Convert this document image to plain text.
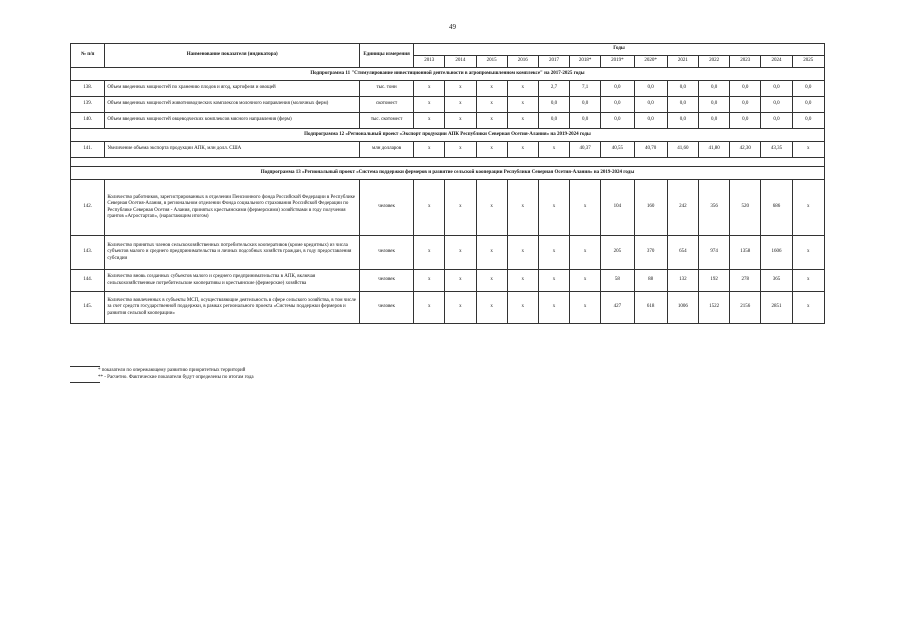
49
№ п/п	Наименование показателя (индикатора)	Единицы измерения	Годы												
			2013	2014	2015	2016	2017	2018*	2019*	2020*	2021	2022	2023	2024	2025
Подпрограмма 11 "Стимулирование инвестиционной деятельности в агропромышленном комплексе" на 2017-2025 годы															
138.	Объем введенных мощностей по хранению плодов и ягод, картофеля и овощей	тыс. тонн	x	x	x	x	2,7	7,1	0,0	0,0	0,0	0,0	0,0	0,0	0,0
139.	Объем введенных мощностей животноводческих комплексов молочного направления (молочных ферм)	скотомест	x	x	x	x	0,0	0,0	0,0	0,0	0,0	0,0	0,0	0,0	0,0
140.	Объем введенных мощностей овцеводческих комплексов мясного направления (ферм)	тыс. скотомест	x	x	x	x	0,0	0,0	0,0	0,0	0,0	0,0	0,0	0,0	0,0
Подпрограмма 12 «Региональный проект «Экспорт продукции АПК Республики Северная Осетия-Алания» на 2019-2024 годы															
141.	Увеличение объема экспорта продукции АПК, млн долл. США	млн долларов	x	x	x	x	x	40,37	40,55	40,70	41,60	41,80	42,30	43,35	x

Подпрограмма 13 «Региональный проект «Система поддержки фермеров и развитие сельской кооперации Республики Северная Осетия-Алания» на 2019-2024 годы															
142.	Количество работников, зарегистрированных в отделении Пенсионного фонда Российской Федерации в Республике Северная Осетия-Алания, в региональном отделении Фонда социального страхования Российской Федерации по Республике Северная Осетия - Алания, принятых крестьянскими (фермерскими) хозяйствами в году получения грантов «Агростартап», (нарастающим итогом)	человек	x	x	x	x	x	x	104	160	242	356	520	686	x
143.	Количество принятых членов сельскохозяйственных потребительских кооперативов (кроме кредитных) из числа субъектов малого и среднего предпринимательства и личных подсобных хозяйств граждан, в году предоставления субсидии	человек	x	x	x	x	x	x	205	370	654	974	1358	1606	x
144.	Количество вновь созданных субъектов малого и среднего предпринимательства в АПК, включая сельскохозяйственные потребительские кооперативы и крестьянские (фермерские) хозяйства	человек	x	x	x	x	x	x	58	88	132	192	278	365	x
145.	Количество вовлеченных в субъекты МСП, осуществляющие деятельность в сфере сельского хозяйства, в том числе за счет средств государственной поддержки, в рамках регионального проекта «Системы поддержки фермеров и развития сельской кооперации»	человек	x	x	x	x	x	x	427	618	1006	1522	2156	2851	x
* показатели по опережающему развитию приоритетных территорий
** - Расчетно. Фактические показатели будут определены по итогам года
